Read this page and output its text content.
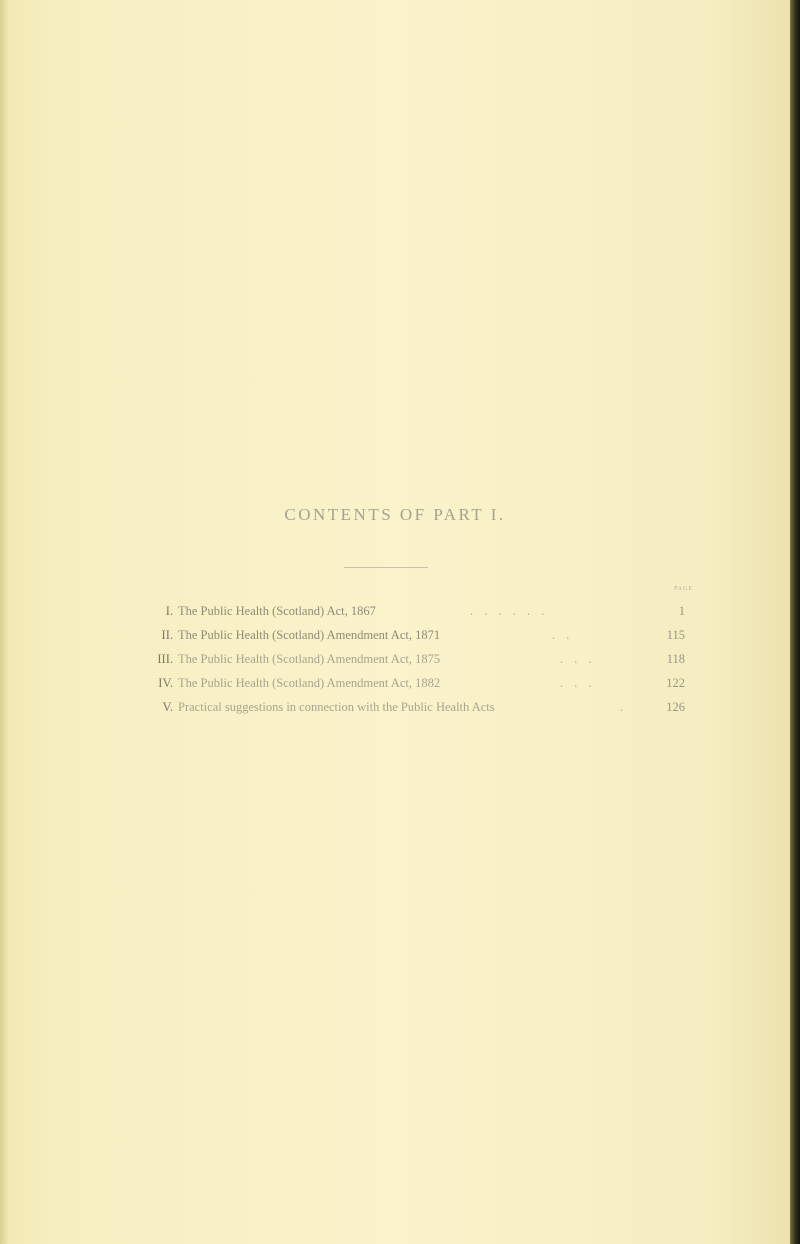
CONTENTS OF PART I.
PAGE
I. The Public Health (Scotland) Act, 1867	. . . . . .	1
II. The Public Health (Scotland) Amendment Act, 1871	. .	115
III. The Public Health (Scotland) Amendment Act, 1875	. . .	118
IV. The Public Health (Scotland) Amendment Act, 1882	. . .	122
V. Practical suggestions in connection with the Public Health Acts	.	126
